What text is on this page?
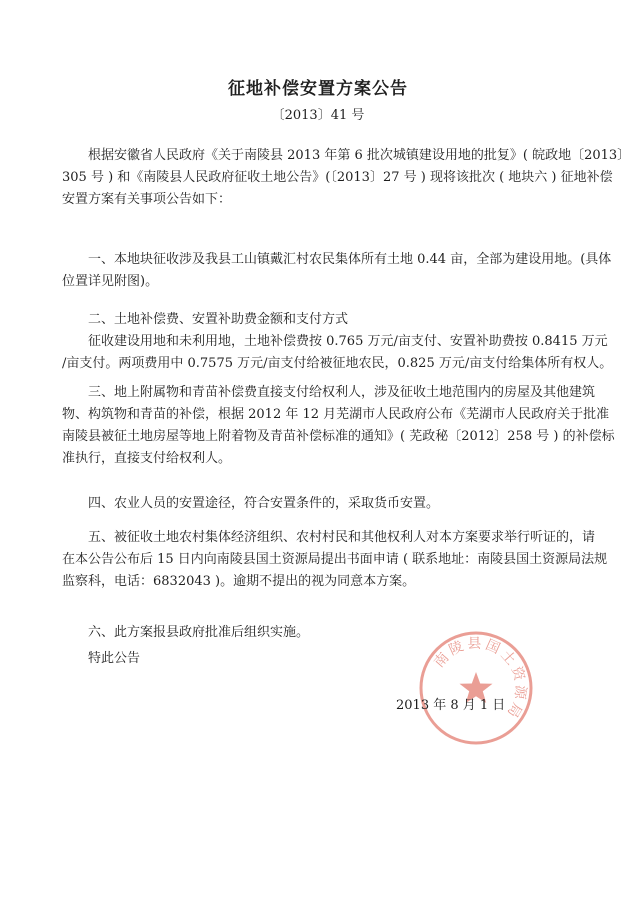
征地补偿安置方案公告
〔2013〕41 号
根据安徽省人民政府《关于南陵县 2013 年第 6 批次城镇建设用地的批复》( 皖政地〔2013〕
305 号 ) 和《南陵县人民政府征收土地公告》(〔2013〕27 号 ) 现将该批次 ( 地块六 ) 征地补偿
安置方案有关事项公告如下：
一、本地块征收涉及我县工山镇戴汇村农民集体所有土地 0.44 亩，全部为建设用地。(具体
位置详见附图)。
二、土地补偿费、安置补助费金额和支付方式
征收建设用地和未利用地，土地补偿费按 0.765 万元/亩支付、安置补助费按 0.8415 万元
/亩支付。两项费用中 0.7575 万元/亩支付给被征地农民，0.825 万元/亩支付给集体所有权人。
三、地上附属物和青苗补偿费直接支付给权利人，涉及征收土地范围内的房屋及其他建筑
物、构筑物和青苗的补偿，根据 2012 年 12 月芜湖市人民政府公布《芜湖市人民政府关于批准
南陵县被征土地房屋等地上附着物及青苗补偿标准的通知》( 芜政秘〔2012〕258 号 ) 的补偿标
准执行，直接支付给权利人。
四、农业人员的安置途径，符合安置条件的，采取货币安置。
五、被征收土地农村集体经济组织、农村村民和其他权利人对本方案要求举行听证的，请
在本公告公布后 15 日内向南陵县国土资源局提出书面申请 ( 联系地址：南陵县国土资源局法规
监察科，电话：6832043 )。逾期不提出的视为同意本方案。
六、此方案报县政府批准后组织实施。
特此公告	南陵县国土资源局
2013 年 8 月 1 日
